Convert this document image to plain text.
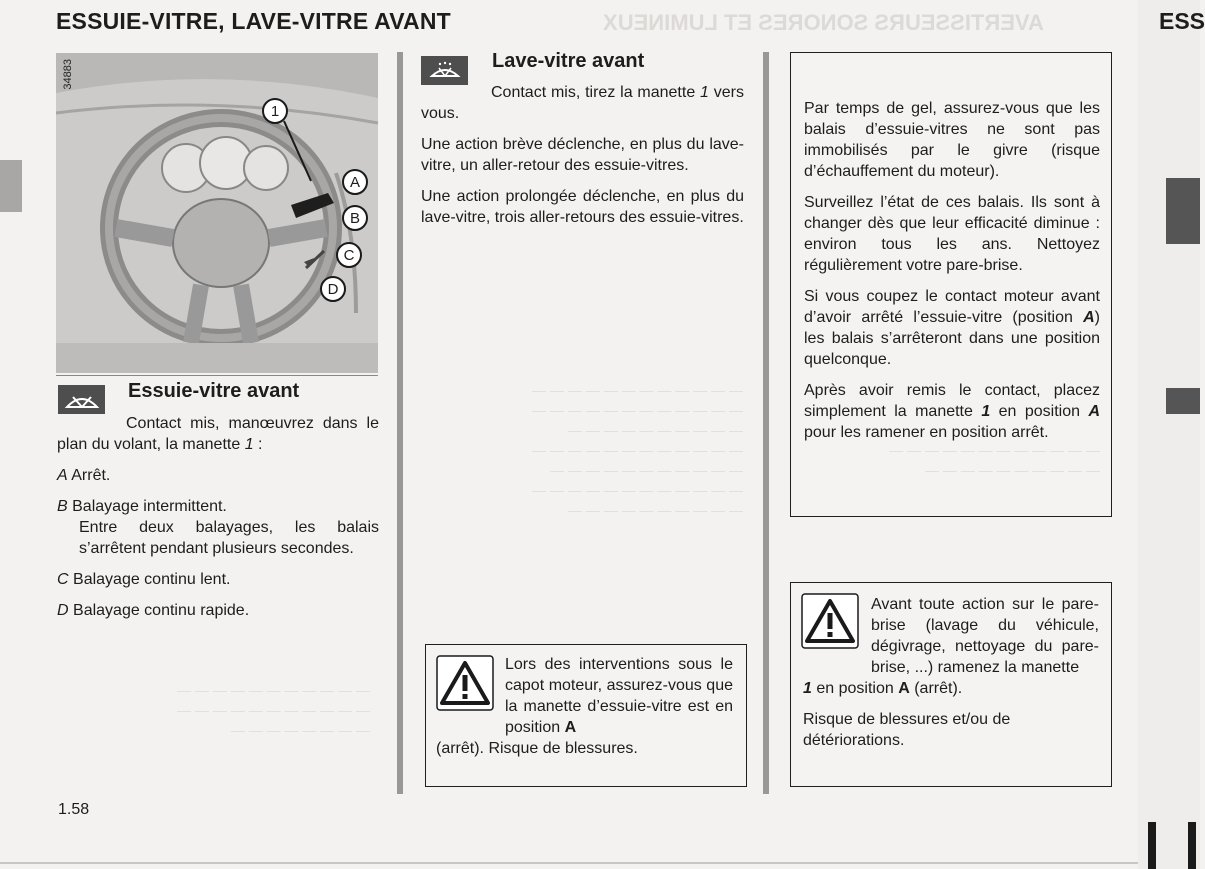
ESS
ESSUIE-VITRE, LAVE-VITRE AVANT	AVERTISSEURS SONORES ET LUMINEUX
34883
1
A
B
C
D
Essuie-vitre avant

Contact mis, manœuvrez dans le plan du volant, la manette 1 :

A Arrêt.
B Balayage intermittent.
Entre deux balayages, les balais s’arrêtent pendant plusieurs secondes.
C Balayage continu lent.
D Balayage continu rapide.
— — — — — — — — — — —
— — — — — — — — — — —
— — — — — — — —
Lave-vitre avant

Contact mis, tirez la manette 1 vers vous.

Une action brève déclenche, en plus du lave-vitre, un aller-retour des essuie-vitres.

Une action prolongée déclenche, en plus du lave-vitre, trois aller-retours des essuie-vitres.

— — — — — — — — — — — —
— — — — — — — — — — — —
— — — — — — — — — —
— — — — — — — — — — — —
— — — — — — — — — — —
— — — — — — — — — — — —
— — — — — — — — — —
Lors des interventions sous le capot moteur, assurez-vous que la manette d’essuie-vitre est en position A
(arrêt). Risque de blessures.

Par temps de gel, assurez-vous que les balais d’essuie-vitres ne sont pas immobilisés par le givre (risque d’échauffement du moteur).

Surveillez l’état de ces balais. Ils sont à changer dès que leur efficacité diminue : environ tous les ans. Nettoyez régulièrement votre pare-brise.

Si vous coupez le contact moteur avant d’avoir arrêté l’essuie-vitre (position A) les balais s’arrêteront dans une position quelconque.

Après avoir remis le contact, placez simplement la manette 1 en position A pour les ramener en position arrêt.

— — — — — — — — — — — —
— — — — — — — — — —
Avant toute action sur le pare-brise (lavage du véhicule, dégivrage, nettoyage du pare-brise, ...) ramenez la manette
1 en position A (arrêt).
Risque de blessures et/ou de détériorations.
1.58
